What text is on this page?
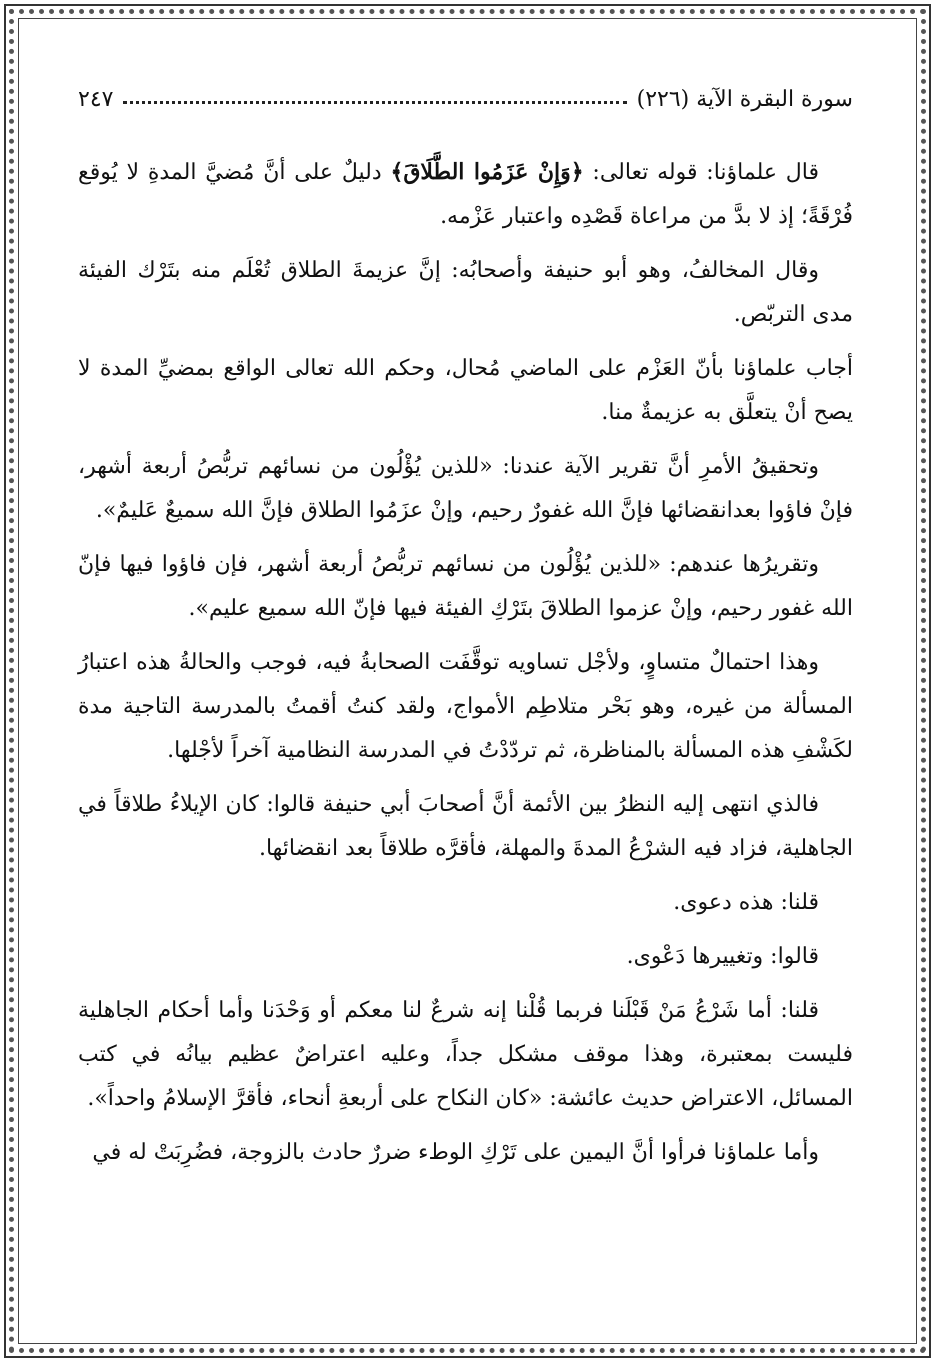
سورة البقرة الآية (٢٢٦)
٢٤٧

قال علماؤنا: قوله تعالى: ﴿وَإِنْ عَزَمُوا الطَّلَاقَ﴾ دليلٌ على أنَّ مُضيَّ المدةِ لا يُوقع فُرْقَةً؛ إذ لا بدَّ من مراعاة قَصْدِه واعتبار عَزْمه.

وقال المخالفُ، وهو أبو حنيفة وأصحابُه: إنَّ عزيمةَ الطلاق تُعْلَم منه بتَرْك الفيئة مدى التربّص.

أجاب علماؤنا بأنّ العَزْم على الماضي مُحال، وحكم الله تعالى الواقع بمضيِّ المدة لا يصح أنْ يتعلَّق به عزيمةٌ منا.

وتحقيقُ الأمرِ أنَّ تقرير الآية عندنا: «للذين يُؤْلُون من نسائهم تربُّصُ أربعة أشهر، فإنْ فاؤوا بعدانقضائها فإنَّ الله غفورٌ رحيم، وإنْ عزَمُوا الطلاق فإنَّ الله سميعٌ عَليمٌ».

وتقريرُها عندهم: «للذين يُؤْلُون من نسائهم تربُّصُ أربعة أشهر، فإن فاؤوا فيها فإنّ الله غفور رحيم، وإنْ عزموا الطلاقَ بتَرْكِ الفيئة فيها فإنّ الله سميع عليم».

وهذا احتمالٌ متساوٍ، ولأجْل تساويه توقَّفَت الصحابةُ فيه، فوجب والحالةُ هذه اعتبارُ المسألة من غيره، وهو بَحْر متلاطِم الأمواج، ولقد كنتُ أقمتُ بالمدرسة التاجية مدة لكَشْفِ هذه المسألة بالمناظرة، ثم تردّدْتُ في المدرسة النظامية آخراً لأجْلها.

فالذي انتهى إليه النظرُ بين الأئمة أنَّ أصحابَ أبي حنيفة قالوا: كان الإيلاءُ طلاقاً في الجاهلية، فزاد فيه الشرْعُ المدةَ والمهلة، فأقرَّه طلاقاً بعد انقضائها.

قلنا: هذه دعوى.

قالوا: وتغييرها دَعْوى.

قلنا: أما شَرْعُ مَنْ قَبْلَنا فربما قُلْنا إنه شرعٌ لنا معكم أو وَحْدَنا وأما أحكام الجاهلية فليست بمعتبرة، وهذا موقف مشكل جداً، وعليه اعتراضٌ عظيم بيانُه في كتب المسائل، الاعتراض حديث عائشة: «كان النكاح على أربعةِ أنحاء، فأقرَّ الإسلامُ واحداً».

وأما علماؤنا فرأوا أنَّ اليمين على تَرْكِ الوطء ضررٌ حادث بالزوجة، فضُرِبَتْ له في
